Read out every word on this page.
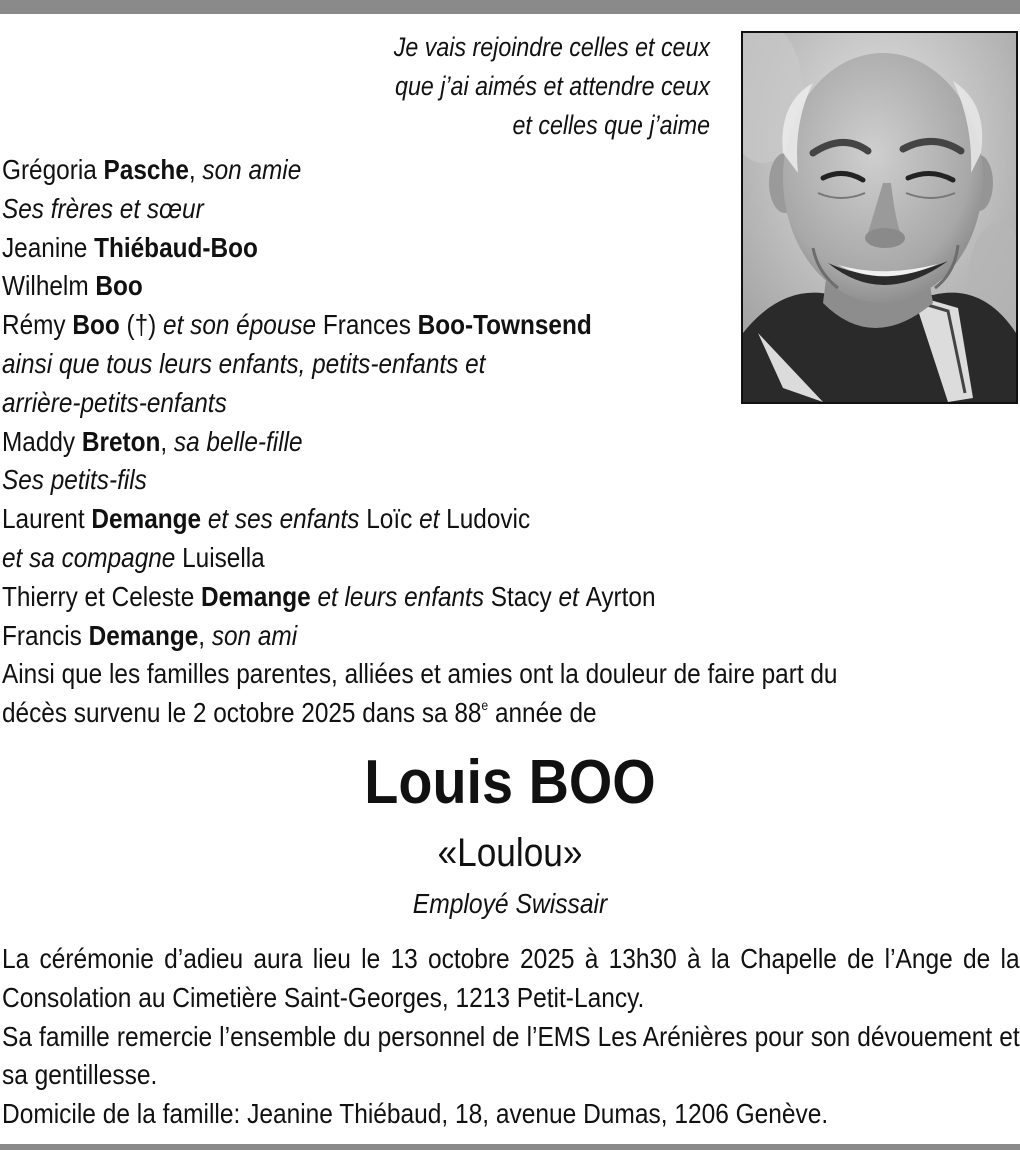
Je vais rejoindre celles et ceux
que j’ai aimés et attendre ceux
et celles que j’aime
Grégoria Pasche, son amie
Ses frères et sœur
Jeanine Thiébaud-Boo
Wilhelm Boo
Rémy Boo (†) et son épouse Frances Boo-Townsend
ainsi que tous leurs enfants, petits-enfants et
arrière-petits-enfants
Maddy Breton, sa belle-fille
Ses petits-fils
Laurent Demange et ses enfants Loïc et Ludovic
et sa compagne Luisella
Thierry et Celeste Demange et leurs enfants Stacy et Ayrton
Francis Demange, son ami
Ainsi que les familles parentes, alliées et amies ont la douleur de faire part du
décès survenu le 2 octobre 2025 dans sa 88e année de
Louis BOO
«Loulou»
Employé Swissair
La cérémonie d’adieu aura lieu le 13 octobre 2025 à 13h30 à la Chapelle de l’Ange de la Consolation au Cimetière Saint-Georges, 1213 Petit-Lancy.
Sa famille remercie l’ensemble du personnel de l’EMS Les Arénières pour son dévouement et sa gentillesse.
Domicile de la famille: Jeanine Thiébaud, 18, avenue Dumas, 1206 Genève.
